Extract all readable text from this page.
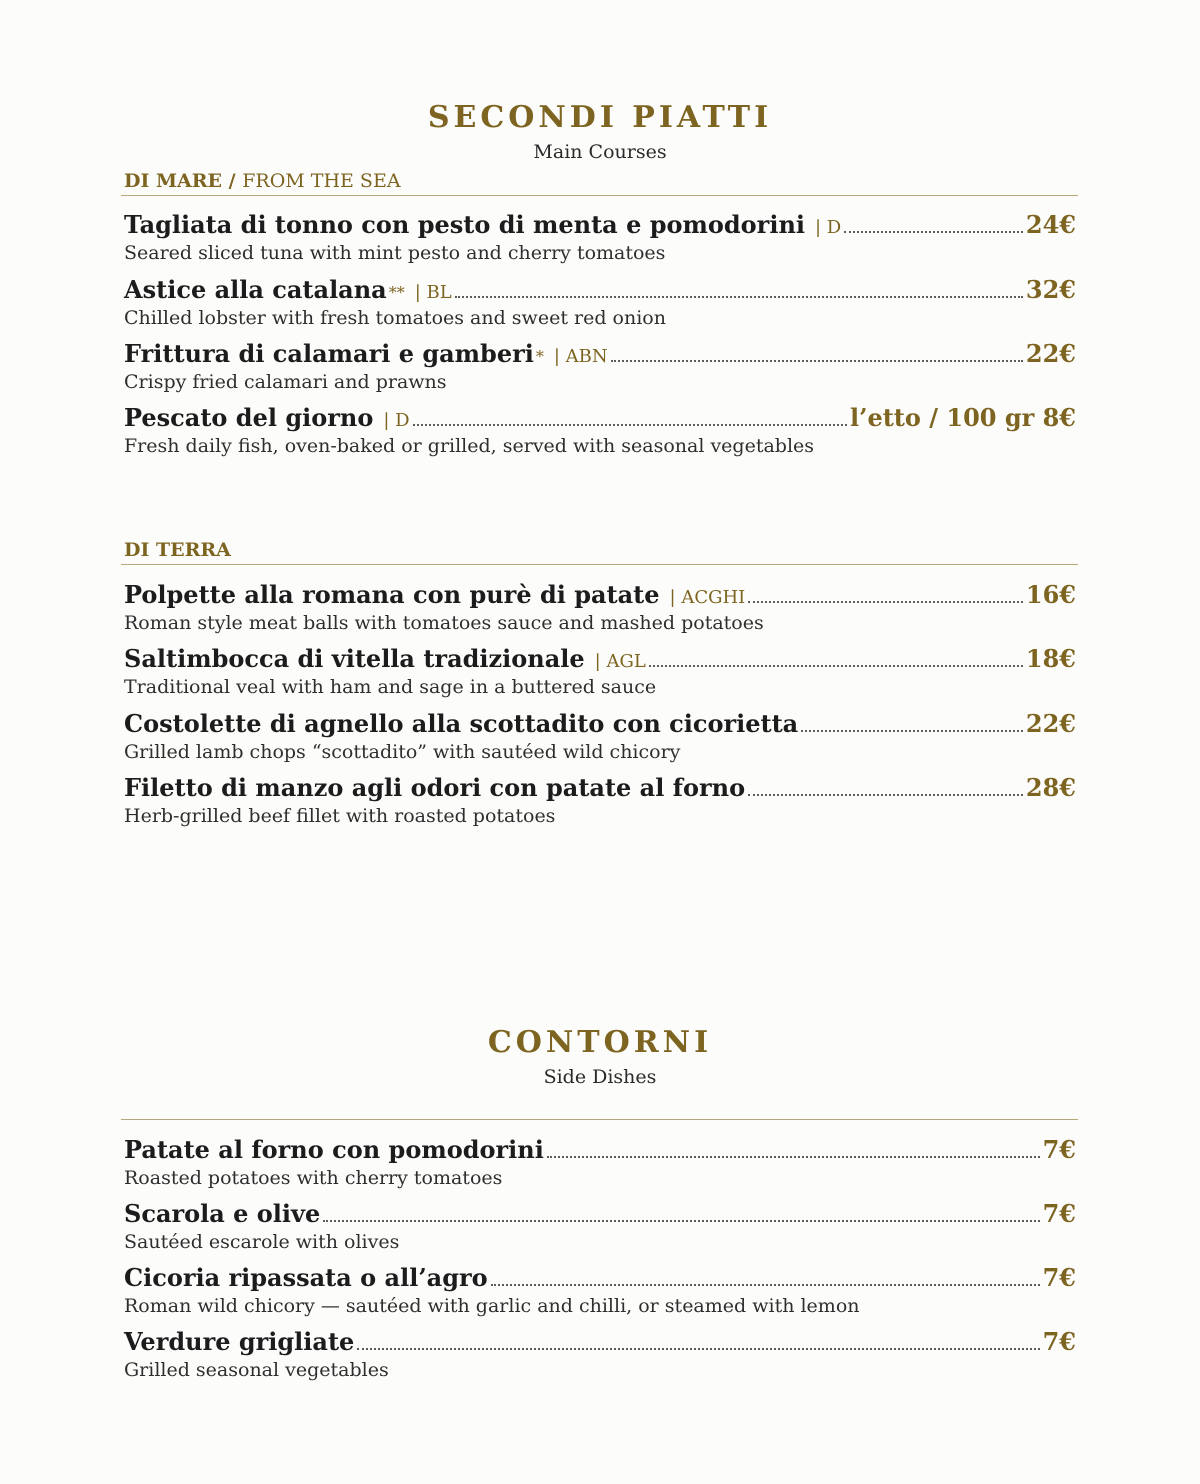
SECONDI PIATTI
Main Courses
DI MARE / FROM THE SEA
Tagliata di tonno con pesto di menta e pomodorini | D	24€
Seared sliced tuna with mint pesto and cherry tomatoes
Astice alla catalana ** | BL	32€
Chilled lobster with fresh tomatoes and sweet red onion
Frittura di calamari e gamberi * | ABN	22€
Crispy fried calamari and prawns
Pescato del giorno | D	l’etto / 100 gr 8€
Fresh daily fish, oven-baked or grilled, served with seasonal vegetables
DI TERRA
Polpette alla romana con purè di patate | ACGHI	16€
Roman style meat balls with tomatoes sauce and mashed potatoes
Saltimbocca di vitella tradizionale | AGL	18€
Traditional veal with ham and sage in a buttered sauce
Costolette di agnello alla scottadito con cicorietta	22€
Grilled lamb chops “scottadito” with sautéed wild chicory
Filetto di manzo agli odori con patate al forno	28€
Herb-grilled beef fillet with roasted potatoes
CONTORNI
Side Dishes
Patate al forno con pomodorini	7€
Roasted potatoes with cherry tomatoes
Scarola e olive	7€
Sautéed escarole with olives
Cicoria ripassata o all’agro	7€
Roman wild chicory — sautéed with garlic and chilli, or steamed with lemon
Verdure grigliate	7€
Grilled seasonal vegetables
